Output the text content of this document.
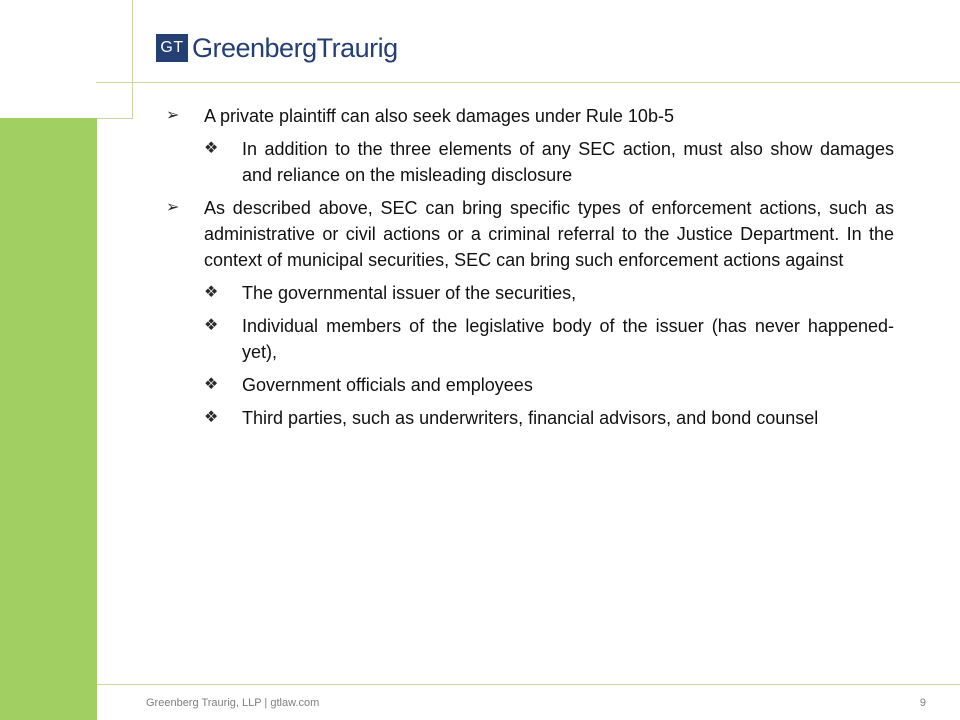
GT GreenbergTraurig
➢	A private plaintiff can also seek damages under Rule 10b-5
❖	In addition to the three elements of any SEC action, must also show damages and reliance on the misleading disclosure
➢	As described above, SEC can bring specific types of enforcement actions, such as administrative or civil actions or a criminal referral to the Justice Department. In the context of municipal securities, SEC can bring such enforcement actions against
❖	The governmental issuer of the securities,
❖	Individual members of the legislative body of the issuer (has never happened-yet),
❖	Government officials and employees
❖	Third parties, such as underwriters, financial advisors, and bond counsel
Greenberg Traurig, LLP | gtlaw.com	9
